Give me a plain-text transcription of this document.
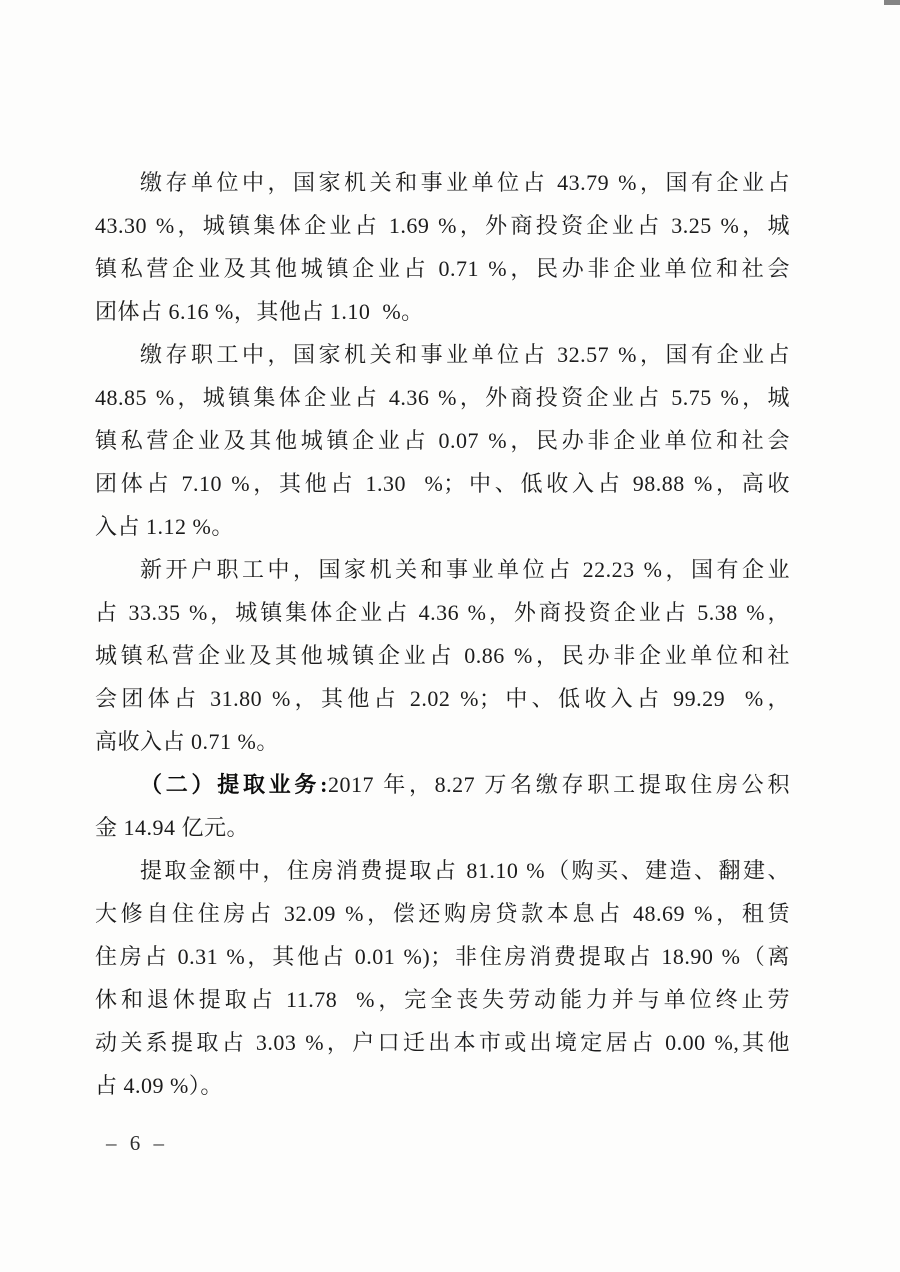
缴存单位中，国家机关和事业单位占 43.79 %，国有企业占
43.30 %，城镇集体企业占 1.69 %，外商投资企业占 3.25 %，城
镇私营企业及其他城镇企业占 0.71 %，民办非企业单位和社会
团体占 6.16 %，其他占 1.10  %。
缴存职工中，国家机关和事业单位占 32.57 %，国有企业占
48.85 %，城镇集体企业占 4.36 %，外商投资企业占 5.75 %，城
镇私营企业及其他城镇企业占 0.07 %，民办非企业单位和社会
团体占 7.10 %，其他占 1.30  %；中、低收入占 98.88 %，高收
入占 1.12 %。
新开户职工中，国家机关和事业单位占 22.23 %，国有企业
占 33.35 %，城镇集体企业占 4.36 %，外商投资企业占 5.38 %，
城镇私营企业及其他城镇企业占 0.86 %，民办非企业单位和社
会团体占 31.80 %，其他占 2.02 %；中、低收入占 99.29  %，
高收入占 0.71 %。
（二）提取业务:2017 年，8.27 万名缴存职工提取住房公积
金 14.94 亿元。
提取金额中，住房消费提取占 81.10 %（购买、建造、翻建、
大修自住住房占 32.09 %，偿还购房贷款本息占 48.69 %，租赁
住房占 0.31 %，其他占 0.01 %)；非住房消费提取占 18.90 %（离
休和退休提取占 11.78  %，完全丧失劳动能力并与单位终止劳
动关系提取占 3.03 %，户口迁出本市或出境定居占 0.00 %,其他
占 4.09 %）。
– 6 –
